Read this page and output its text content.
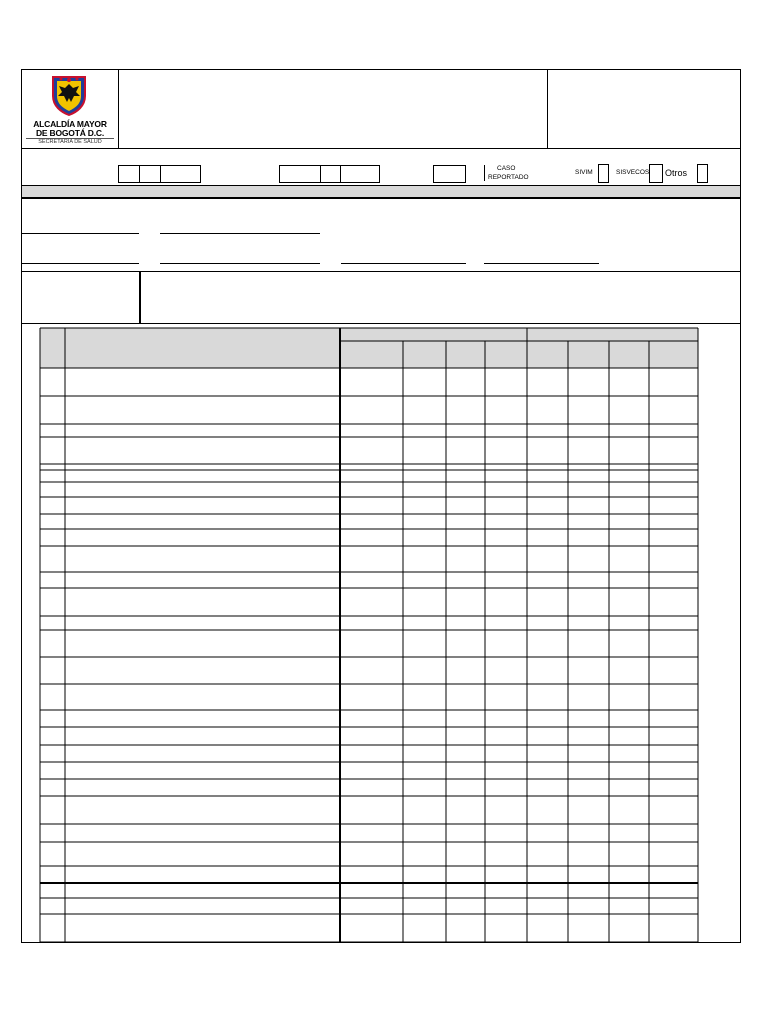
ALCALDÍA MAYOR
DE BOGOTÁ D.C.
SECRETARIA DE SALUD
CASO
REPORTADO
SIVIM	SISVECOS Otros
